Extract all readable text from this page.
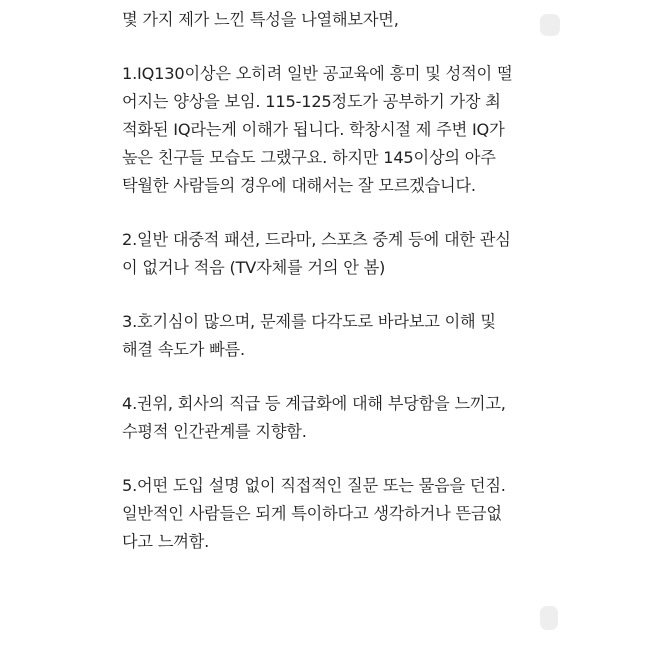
몇 가지 제가 느낀 특성을 나열해보자면,
1.IQ130이상은 오히려 일반 공교육에 흥미 및 성적이 떨
어지는 양상을 보임. 115-125정도가 공부하기 가장 최
적화된 IQ라는게 이해가 됩니다. 학창시절 제 주변 IQ가
높은 친구들 모습도 그랬구요. 하지만 145이상의 아주
탁월한 사람들의 경우에 대해서는 잘 모르겠습니다.
2.일반 대중적 패션, 드라마, 스포츠 중계 등에 대한 관심
이 없거나 적음 (TV자체를 거의 안 봄)
3.호기심이 많으며, 문제를 다각도로 바라보고 이해 및
해결 속도가 빠름.
4.권위, 회사의 직급 등 계급화에 대해 부당함을 느끼고,
수평적 인간관계를 지향함.
5.어떤 도입 설명 없이 직접적인 질문 또는 물음을 던짐.
일반적인 사람들은 되게 특이하다고 생각하거나 뜬금없
다고 느껴함.
